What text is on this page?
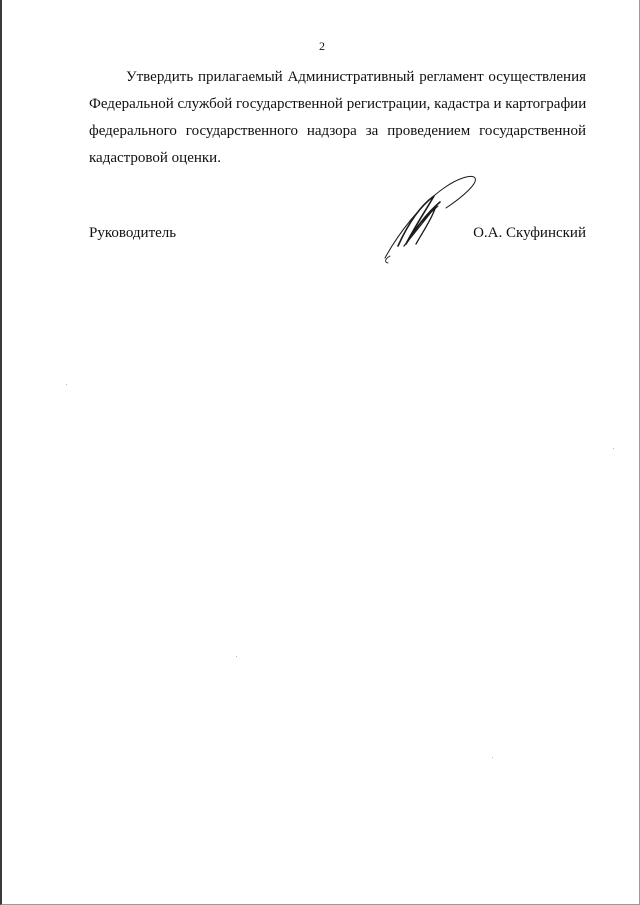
2
Утвердить прилагаемый Административный регламент осуществления
Федеральной службой государственной регистрации, кадастра и картографии
федерального государственного надзора за проведением государственной
кадастровой оценки.
Руководитель	О.А. Скуфинский
